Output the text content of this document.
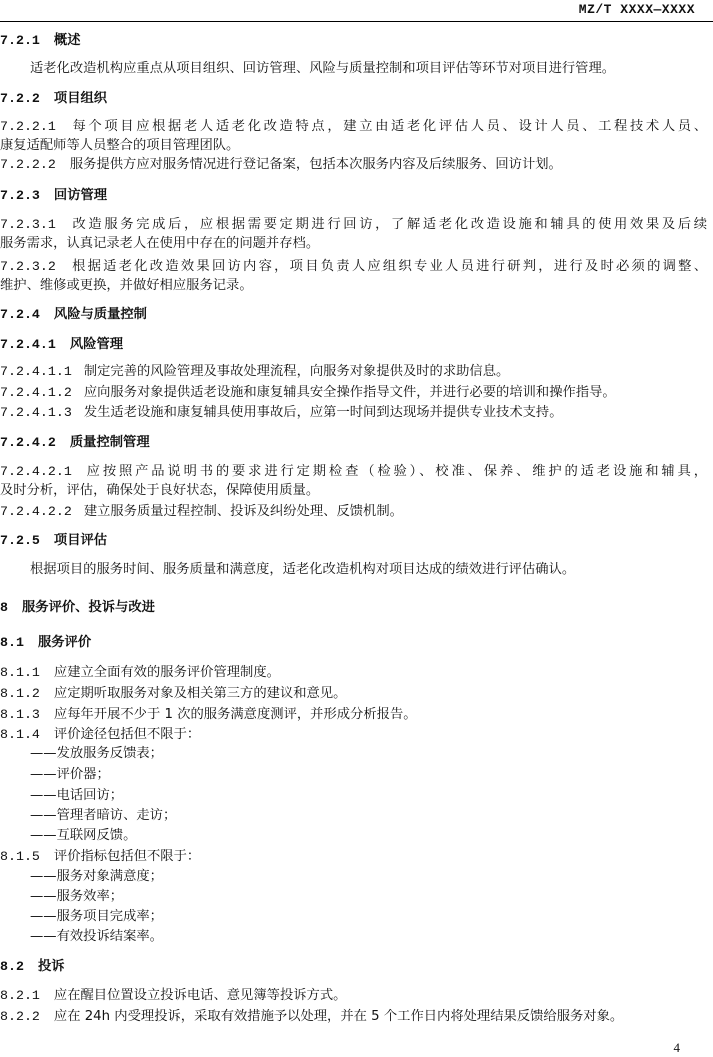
MZ/T XXXX—XXXX
7.2.1 概述
适老化改造机构应重点从项目组织、回访管理、风险与质量控制和项目评估等环节对项目进行管理。
7.2.2 项目组织
7.2.2.1 每个项目应根据老人适老化改造特点，建立由适老化评估人员、设计人员、工程技术人员、
康复适配师等人员整合的项目管理团队。
7.2.2.2 服务提供方应对服务情况进行登记备案，包括本次服务内容及后续服务、回访计划。
7.2.3 回访管理
7.2.3.1 改造服务完成后，应根据需要定期进行回访，了解适老化改造设施和辅具的使用效果及后续
服务需求，认真记录老人在使用中存在的问题并存档。
7.2.3.2 根据适老化改造效果回访内容，项目负责人应组织专业人员进行研判，进行及时必须的调整、
维护、维修或更换，并做好相应服务记录。
7.2.4 风险与质量控制
7.2.4.1 风险管理
7.2.4.1.1 制定完善的风险管理及事故处理流程，向服务对象提供及时的求助信息。
7.2.4.1.2 应向服务对象提供适老设施和康复辅具安全操作指导文件，并进行必要的培训和操作指导。
7.2.4.1.3 发生适老设施和康复辅具使用事故后，应第一时间到达现场并提供专业技术支持。
7.2.4.2 质量控制管理
7.2.4.2.1 应按照产品说明书的要求进行定期检查（检验）、校准、保养、维护的适老设施和辅具，
及时分析，评估，确保处于良好状态，保障使用质量。
7.2.4.2.2 建立服务质量过程控制、投诉及纠纷处理、反馈机制。
7.2.5 项目评估
根据项目的服务时间、服务质量和满意度，适老化改造机构对项目达成的绩效进行评估确认。
8 服务评价、投诉与改进
8.1 服务评价
8.1.1 应建立全面有效的服务评价管理制度。
8.1.2 应定期听取服务对象及相关第三方的建议和意见。
8.1.3 应每年开展不少于 1 次的服务满意度测评，并形成分析报告。
8.1.4 评价途径包括但不限于：
——发放服务反馈表；
——评价器；
——电话回访；
——管理者暗访、走访；
——互联网反馈。
8.1.5 评价指标包括但不限于：
——服务对象满意度；
——服务效率；
——服务项目完成率；
——有效投诉结案率。
8.2 投诉
8.2.1 应在醒目位置设立投诉电话、意见簿等投诉方式。
8.2.2 应在 24h 内受理投诉，采取有效措施予以处理，并在 5 个工作日内将处理结果反馈给服务对象。
4
